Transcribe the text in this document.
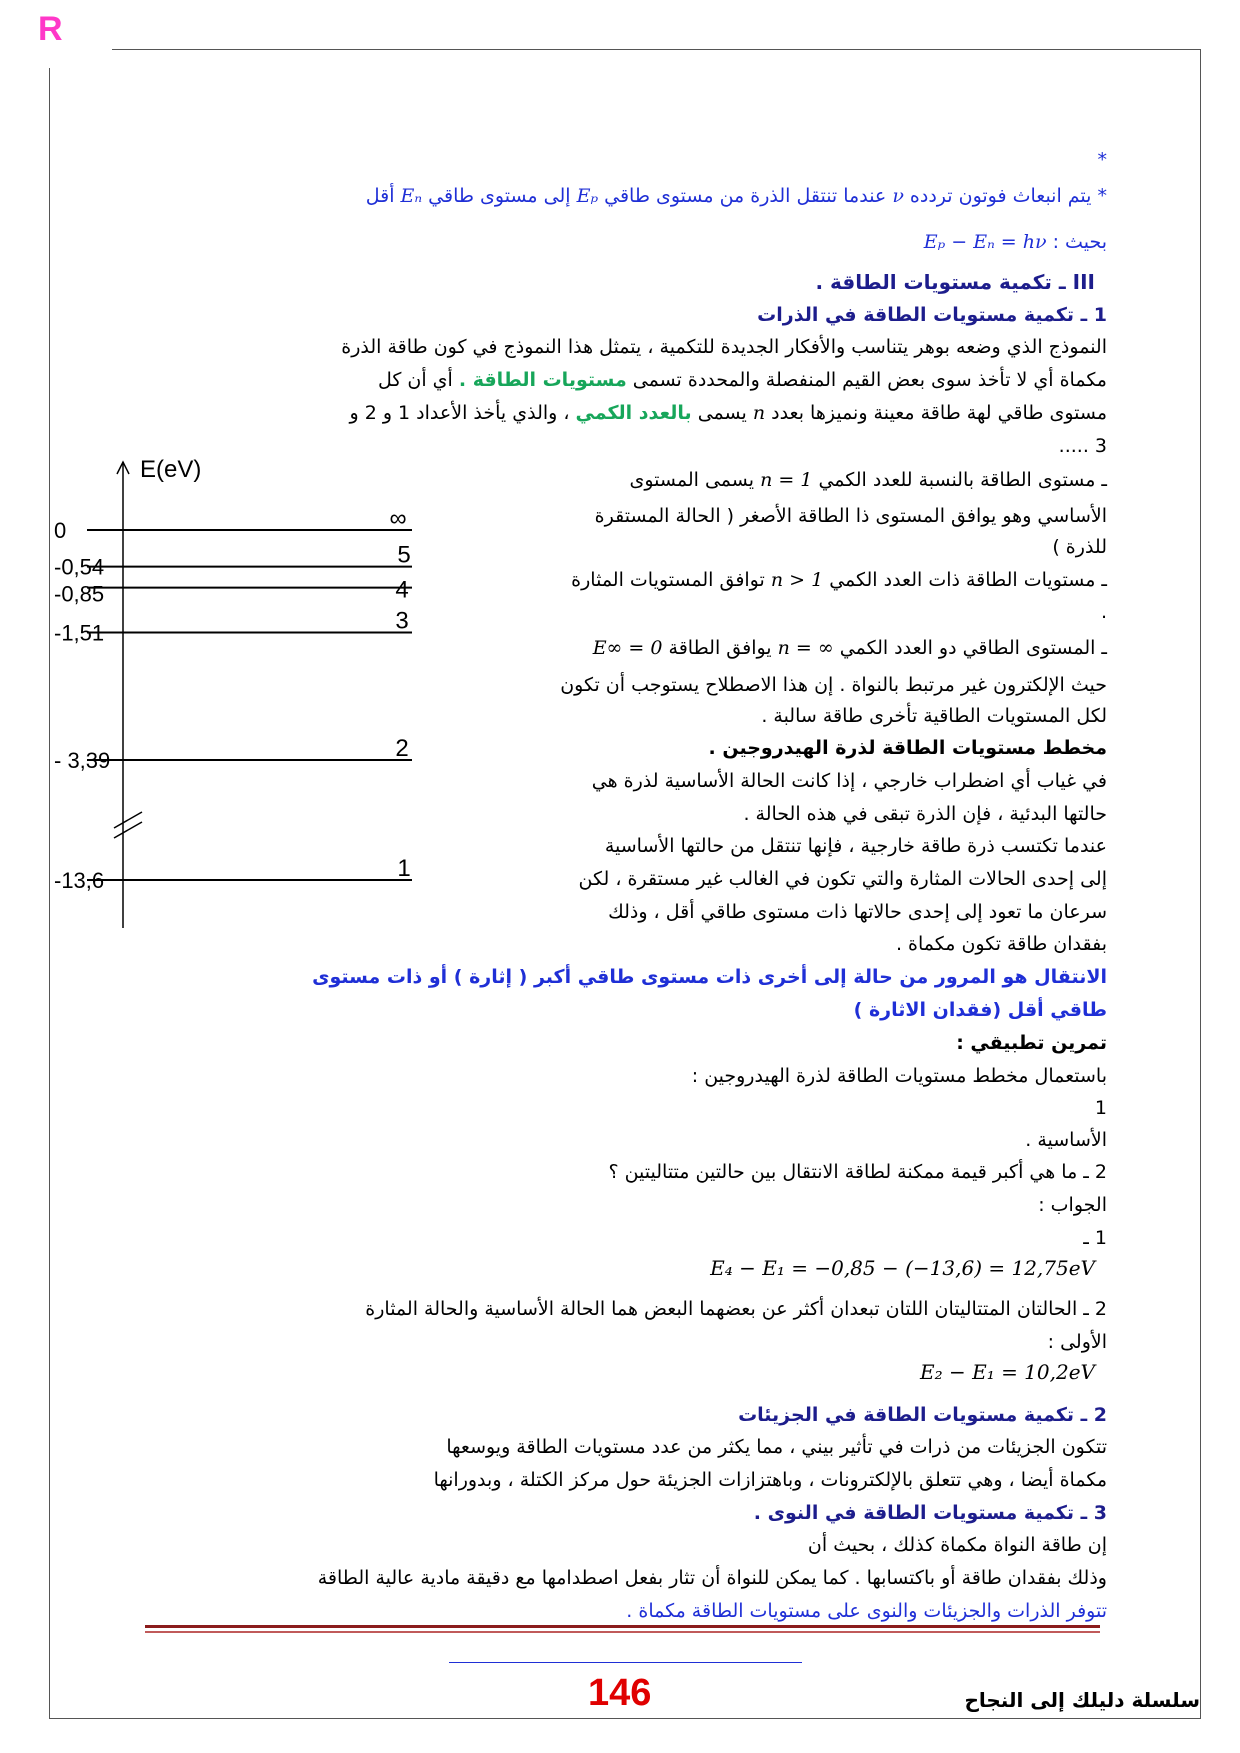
R
*
* يتم انبعاث فوتون تردده ν عندما تنتقل الذرة من مستوى طاقي Eₚ إلى مستوى طاقي Eₙ أقل
بحيث : Eₚ − Eₙ = hν
III ـ تكمية مستويات الطاقة .
1 ـ تكمية مستويات الطاقة في الذرات
النموذج الذي وضعه بوهر يتناسب والأفكار الجديدة للتكمية ، يتمثل هذا النموذج في كون طاقة الذرة
مكماة أي لا تأخذ سوى بعض القيم المنفصلة والمحددة تسمى مستويات الطاقة . أي أن كل
مستوى طاقي لهة طاقة معينة ونميزها بعدد n يسمى بالعدد الكمي ، والذي يأخذ الأعداد 1 و 2 و
3 .....
ـ مستوى الطاقة بالنسبة للعدد الكمي n = 1 يسمى المستوى
الأساسي وهو يوافق المستوى ذا الطاقة الأصغر ( الحالة المستقرة
للذرة )
ـ مستويات الطاقة ذات العدد الكمي n > 1 توافق المستويات المثارة
.
ـ المستوى الطاقي دو العدد الكمي n = ∞ يوافق الطاقة E∞ = 0
حيث الإلكترون غير مرتبط بالنواة . إن هذا الاصطلاح يستوجب أن تكون
لكل المستويات الطاقية تأخرى طاقة سالبة .
مخطط مستويات الطاقة لذرة الهيدروجين .
في غياب أي اضطراب خارجي ، إذا كانت الحالة الأساسية لذرة هي
حالتها البدئية ، فإن الذرة تبقى في هذه الحالة .
عندما تكتسب ذرة طاقة خارجية ، فإنها تنتقل من حالتها الأساسية
إلى إحدى الحالات المثارة والتي تكون في الغالب غير مستقرة ، لكن
سرعان ما تعود إلى إحدى حالاتها ذات مستوى طاقي أقل ، وذلك
بفقدان طاقة تكون مكماة .
الانتقال هو المرور من حالة إلى أخرى ذات مستوى طاقي أكبر ( إثارة ) أو ذات مستوى
طاقي أقل (فقدان الاثارة )
تمرين تطبيقي :
باستعمال مخطط مستويات الطاقة لذرة الهيدروجين :
1
الأساسية .
2 ـ ما هي أكبر قيمة ممكنة لطاقة الانتقال بين حالتين متتاليتين ؟
الجواب :
1 ـ
E₄ − E₁ = −0,85 − (−13,6) = 12,75eV
2 ـ الحالتان المتتاليتان اللتان تبعدان أكثر عن بعضهما البعض هما الحالة الأساسية والحالة المثارة
الأولى :
E₂ − E₁ = 10,2eV
2 ـ تكمية مستويات الطاقة في الجزيئات
تتكون الجزيئات من ذرات في تأثير بيني ، مما يكثر من عدد مستويات الطاقة ويوسعها
مكماة أيضا ، وهي تتعلق بالإلكترونات ، وباهتزازات الجزيئة حول مركز الكتلة ، وبدورانها
3 ـ تكمية مستويات الطاقة في النوى .
إن طاقة النواة مكماة كذلك ، بحيث أن
وذلك بفقدان طاقة أو باكتسابها . كما يمكن للنواة أن تثار بفعل اصطدامها مع دقيقة مادية عالية الطاقة
تتوفر الذرات والجزيئات والنوى على مستويات الطاقة مكماة .
E(eV)
0	∞
-0,54	5
-0,85	4
-1,51	3
- 3,39	2
-13,6	1
146	سلسلة دليلك إلى النجاح
